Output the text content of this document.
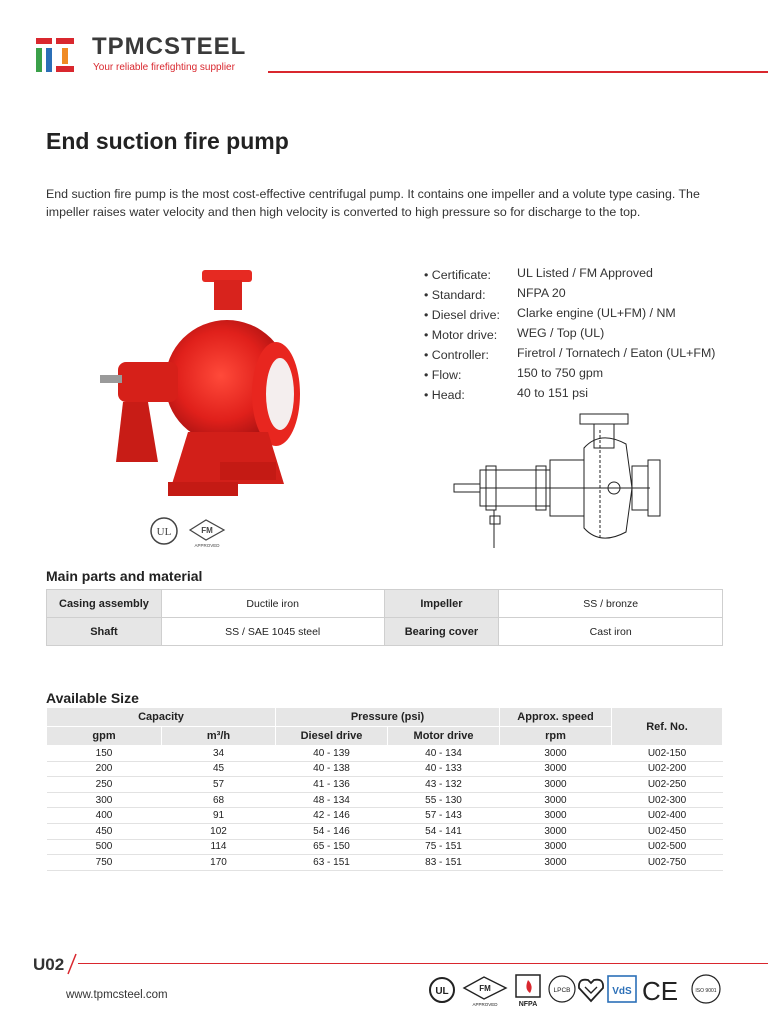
TPMCSTEEL
Your reliable firefighting supplier
End suction fire pump

End suction fire pump is the most cost-effective centrifugal pump. It contains one impeller and a volute type casing. The impeller raises water velocity and then high velocity is converted to high pressure so for discharge to the top.

UL	FM
APPROVED
• Certificate: UL Listed / FM Approved
• Standard:	NFPA 20
• Diesel drive: Clarke engine (UL+FM) / NM
• Motor drive: WEG / Top (UL)
• Controller: Firetrol / Tornatech / Eaton (UL+FM)
• Flow:	150 to 750 gpm
• Head:	40 to 151 psi
Main parts and material
Casing assembly	Ductile iron	Impeller	SS / bronze
Shaft	SS / SAE 1045 steel	Bearing cover	Cast iron
Available Size
Capacity		Pressure (psi)		Approx. speed	Ref. No.
gpm	m³/h	Diesel drive	Motor drive	rpm	
150	34	40 - 139	40 - 134	3000	U02-150
200	45	40 - 138	40 - 133	3000	U02-200
250	57	41 - 136	43 - 132	3000	U02-250
300	68	48 - 134	55 - 130	3000	U02-300
400	91	42 - 146	57 - 143	3000	U02-400
450	102	54 - 146	54 - 141	3000	U02-450
500	114	65 - 150	75 - 151	3000	U02-500
750	170	63 - 151	83 - 151	3000	U02-750
U02
www.tpmcsteel.com	UL	FM
APPROVED	NFPA
LPCB	VdS CE	ISO 9001
